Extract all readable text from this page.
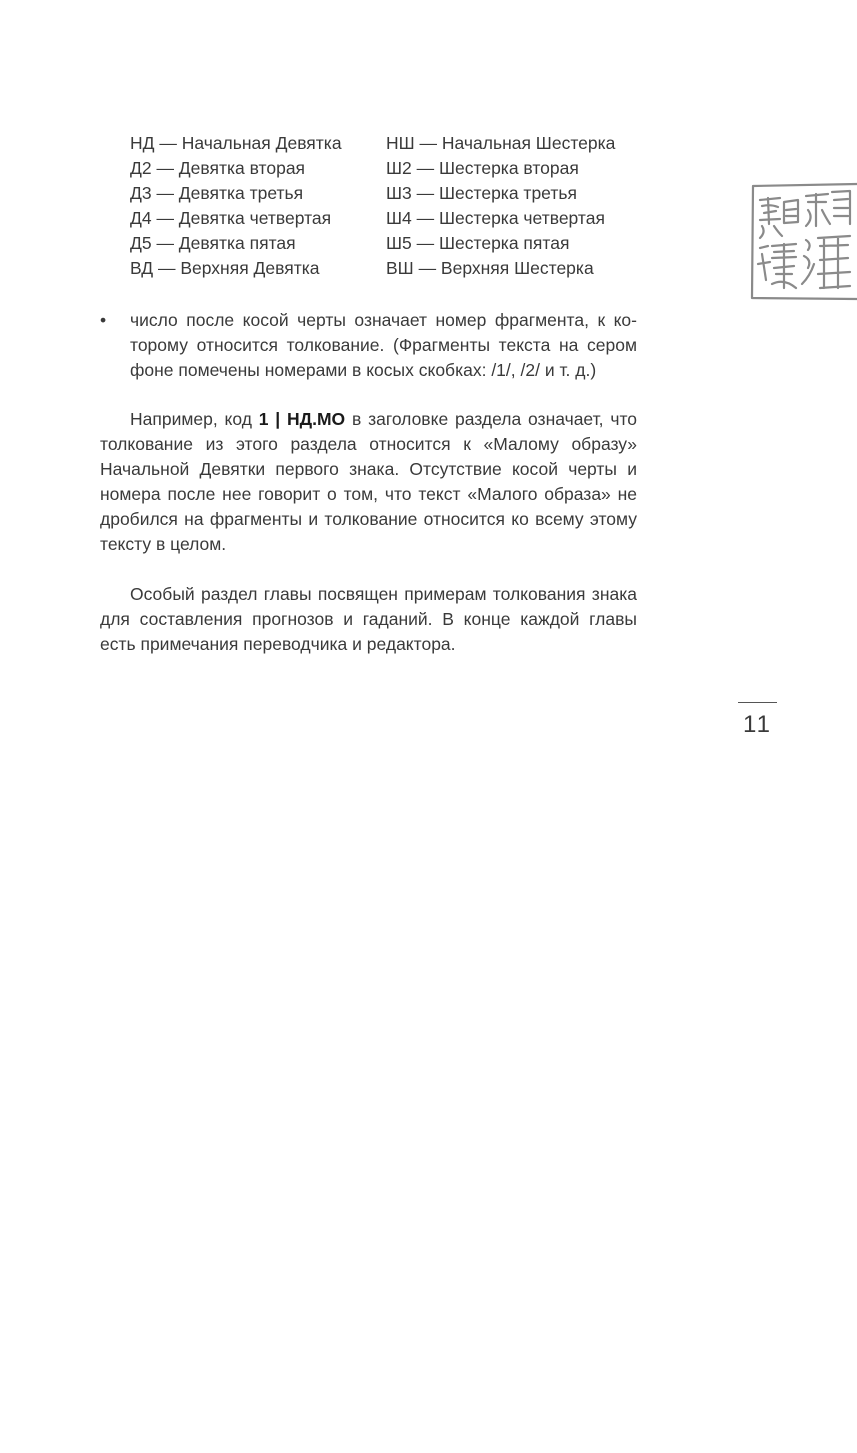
НД — Начальная Девятка	НШ — Начальная Шестерка
Д2 — Девятка вторая	Ш2 — Шестерка вторая
Д3 — Девятка третья	Ш3 — Шестерка третья
Д4 — Девятка четвертая	Ш4 — Шестерка четвертая
Д5 — Девятка пятая	Ш5 — Шестерка пятая
ВД — Верхняя Девятка	ВШ — Верхняя Шестерка
•	число после косой черты означает номер фрагмента, к которому относится толкование. (Фрагменты текста на сером фоне помечены номерами в косых скобках: /1/, /2/ и т. д.)

Например, код 1 | НД.МО в заголовке раздела означает, что толкование из этого раздела относится к «Малому образу» Начальной Девятки первого знака. Отсутствие косой черты и номера после нее говорит о том, что текст «Малого образа» не дробился на фрагменты и толкование относится ко всему этому тексту в целом.

Особый раздел главы посвящен примерам толкования знака для составления прогнозов и гаданий. В конце каждой главы есть примечания переводчика и редактора.

11
